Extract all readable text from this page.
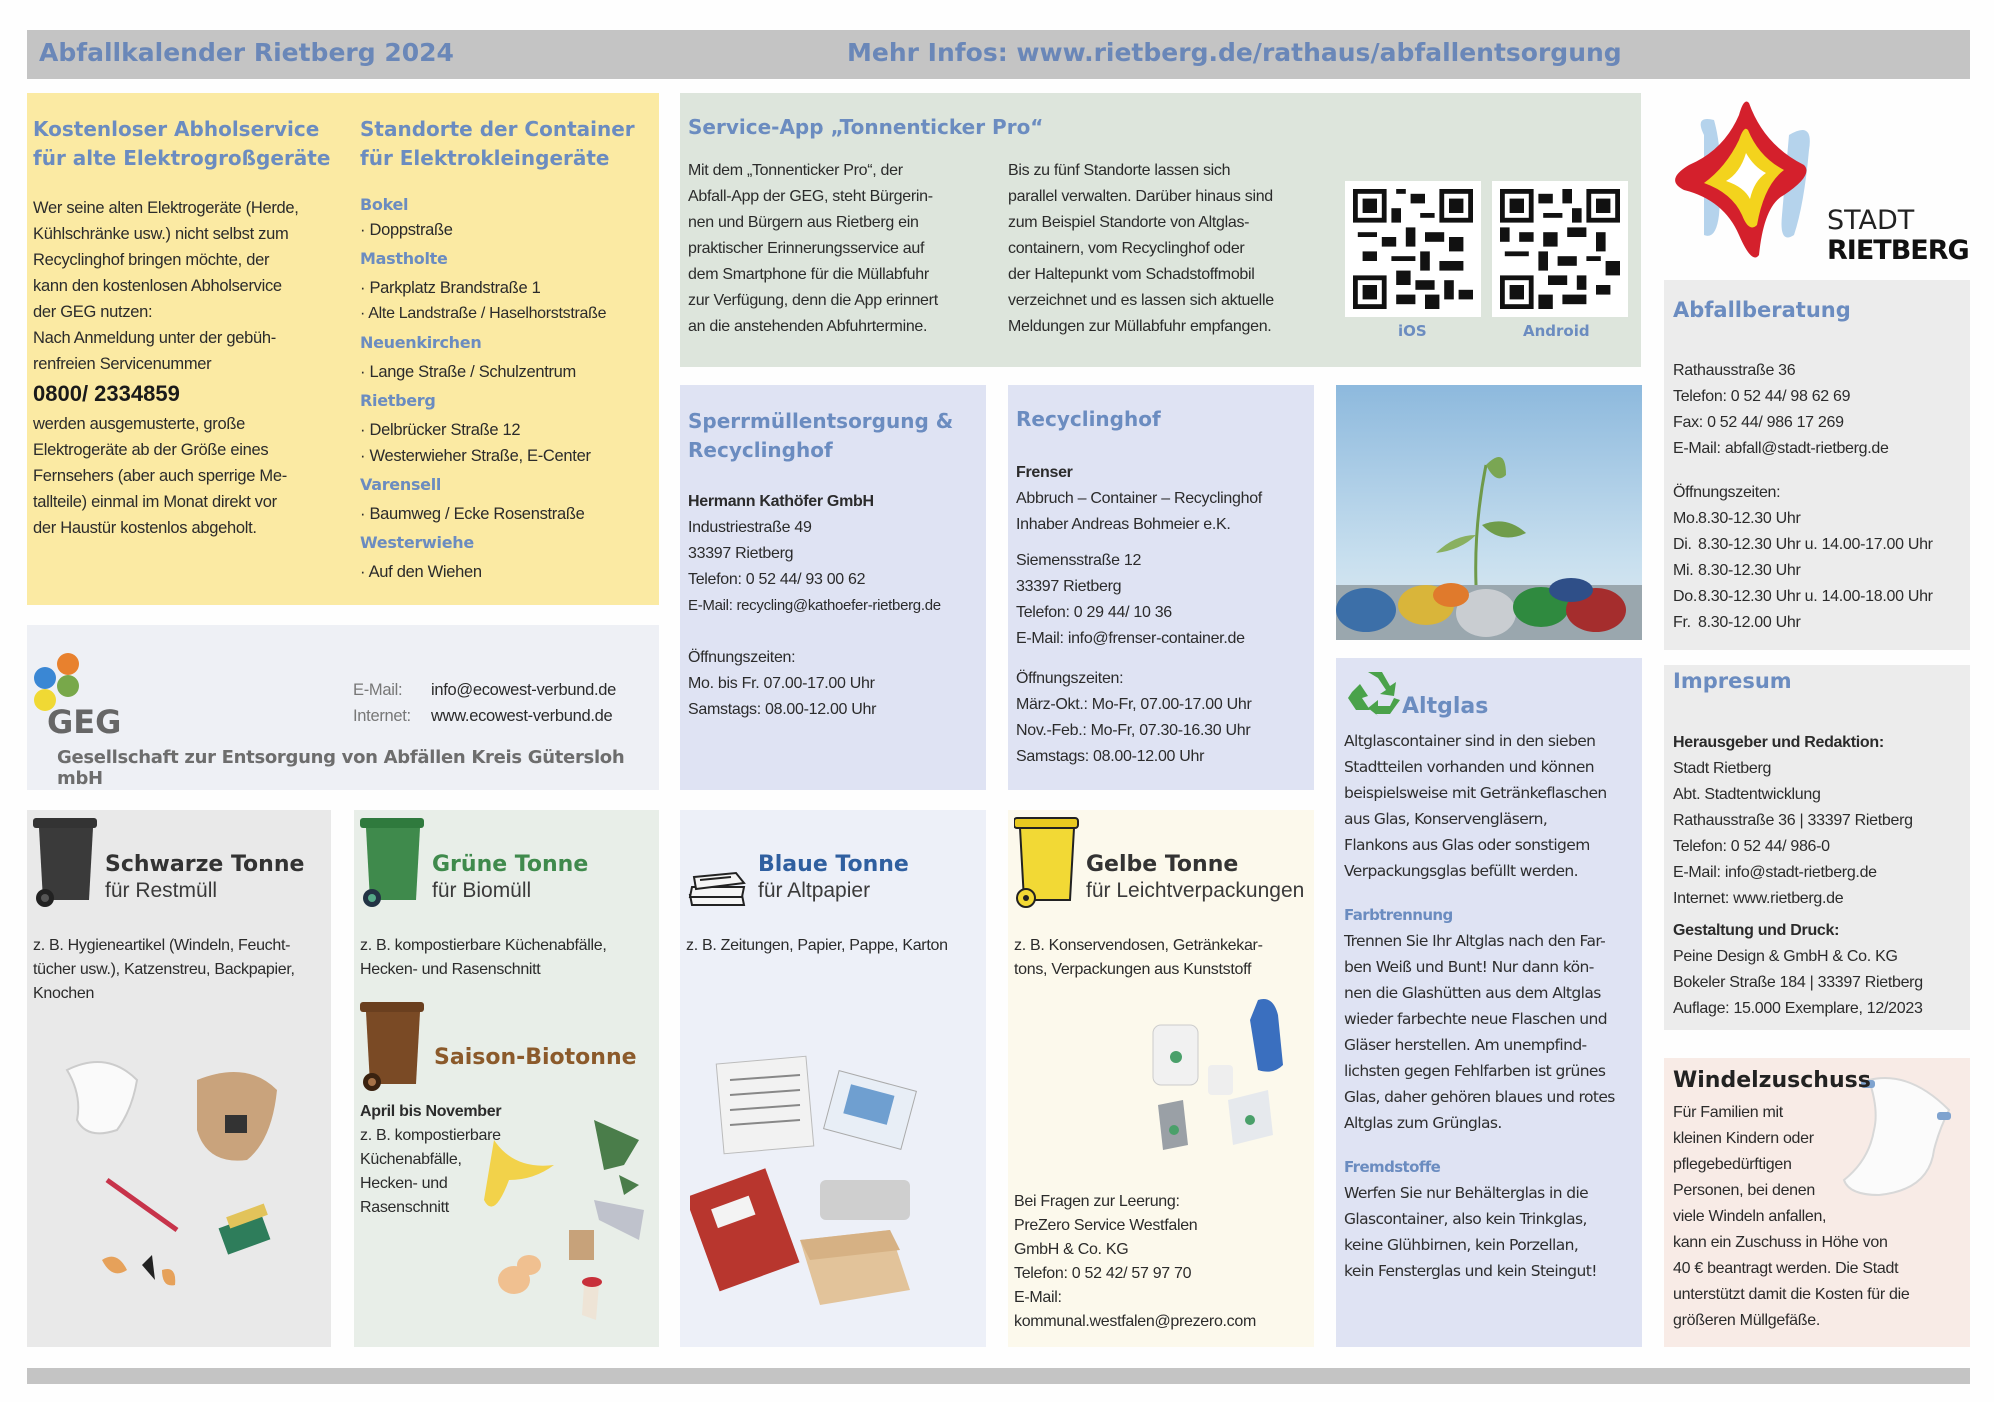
Abfallkalender Rietberg 2024	Mehr Infos: www.rietberg.de/rathaus/abfallentsorgung
Kostenloser Abholservice
für alte Elektrogroßgeräte
Wer seine alten Elektrogeräte (Herde,
Kühlschränke usw.) nicht selbst zum
Recyclinghof bringen möchte, der
kann den kostenlosen Abholservice
der GEG nutzen:
Nach Anmeldung unter der gebüh-
renfreien Servicenummer
0800/ 2334859
werden ausgemusterte, große
Elektrogeräte ab der Größe eines
Fernsehers (aber auch sperrige Me-
tallteile) einmal im Monat direkt vor
der Haustür kostenlos abgeholt.
Standorte der Container
für Elektrokleingeräte
Bokel
· Doppstraße
Mastholte
· Parkplatz Brandstraße 1
· Alte Landstraße / Haselhorststraße
Neuenkirchen
· Lange Straße / Schulzentrum
Rietberg
· Delbrücker Straße 12
· Westerwieher Straße, E-Center
Varensell
· Baumweg / Ecke Rosenstraße
Westerwiehe
· Auf den Wiehen
Service-App „Tonnenticker Pro“
Mit dem „Tonnenticker Pro“, der
Abfall-App der GEG, steht Bürgerin-
nen und Bürgern aus Rietberg ein
praktischer Erinnerungsservice auf
dem Smartphone für die Müllabfuhr
zur Verfügung, denn die App erinnert
an die anstehenden Abfuhrtermine.
Bis zu fünf Standorte lassen sich
parallel verwalten. Darüber hinaus sind
zum Beispiel Standorte von Altglas-
containern, vom Recyclinghof oder
der Haltepunkt vom Schadstoffmobil
verzeichnet und es lassen sich aktuelle
Meldungen zur Müllabfuhr empfangen.	iOS	Android
STADT
RIETBERG
Abfallberatung
Rathausstraße 36
Telefon: 0 52 44/ 98 62 69
Fax: 0 52 44/ 986 17 269
E-Mail: abfall@stadt-rietberg.de
Öffnungszeiten:
Mo.8.30-12.30 Uhr
Di. 8.30-12.30 Uhr u. 14.00-17.00 Uhr
Mi. 8.30-12.30 Uhr
Do.8.30-12.30 Uhr u. 14.00-18.00 Uhr
Fr. 8.30-12.00 Uhr
Sperrmüllentsorgung &
Recyclinghof
Hermann Kathöfer GmbH
Industriestraße 49
33397 Rietberg
Telefon: 0 52 44/ 93 00 62
E-Mail: recycling@kathoefer-rietberg.de
Öffnungszeiten:
Mo. bis Fr. 07.00-17.00 Uhr
Samstags: 08.00-12.00 Uhr
Recyclinghof
Frenser
Abbruch – Container – Recyclinghof
Inhaber Andreas Bohmeier e.K.
Siemensstraße 12
33397 Rietberg
Telefon: 0 29 44/ 10 36
E-Mail: info@frenser-container.de
Öffnungszeiten:
März-Okt.: Mo-Fr, 07.00-17.00 Uhr
Nov.-Feb.: Mo-Fr, 07.30-16.30 Uhr
Samstags: 08.00-12.00 Uhr
GEG
E-Mail: info@ecowest-verbund.de
Internet: www.ecowest-verbund.de
Gesellschaft zur Entsorgung von Abfällen Kreis Gütersloh mbH
Altglas
Altglascontainer sind in den sieben
Stadtteilen vorhanden und können
beispielsweise mit Getränkeflaschen
aus Glas, Konservengläsern,
Flankons aus Glas oder sonstigem
Verpackungsglas befüllt werden.
Farbtrennung
Trennen Sie Ihr Altglas nach den Far-
ben Weiß und Bunt! Nur dann kön-
nen die Glashütten aus dem Altglas
wieder farbechte neue Flaschen und
Gläser herstellen. Am unempfind-
lichsten gegen Fehlfarben ist grünes
Glas, daher gehören blaues und rotes
Altglas zum Grünglas.
Fremdstoffe
Werfen Sie nur Behälterglas in die
Glascontainer, also kein Trinkglas,
keine Glühbirnen, kein Porzellan,
kein Fensterglas und kein Steingut!
Impresum
Herausgeber und Redaktion:
Stadt Rietberg
Abt. Stadtentwicklung
Rathausstraße 36 | 33397 Rietberg
Telefon: 0 52 44/ 986-0
E-Mail: info@stadt-rietberg.de
Internet: www.rietberg.de
Gestaltung und Druck:
Peine Design & GmbH & Co. KG
Bokeler Straße 184 | 33397 Rietberg
Auflage: 15.000 Exemplare, 12/2023
Windelzuschuss
Für Familien mit
kleinen Kindern oder
pflegebedürftigen
Personen, bei denen
viele Windeln anfallen,
kann ein Zuschuss in Höhe von
40 € beantragt werden. Die Stadt
unterstützt damit die Kosten für die
größeren Müllgefäße.
Schwarze Tonne
für Restmüll
z. B. Hygieneartikel (Windeln, Feucht-
tücher usw.), Katzenstreu, Backpapier,
Knochen
Grüne Tonne
für Biomüll
z. B. kompostierbare Küchenabfälle,
Hecken- und Rasenschnitt
Saison-Biotonne
April bis November
z. B. kompostierbare
Küchenabfälle,
Hecken- und
Rasenschnitt
Blaue Tonne
für Altpapier
z. B. Zeitungen, Papier, Pappe, Karton
Gelbe Tonne
für Leichtverpackungen
z. B. Konservendosen, Getränkekar-
tons, Verpackungen aus Kunststoff
Bei Fragen zur Leerung:
PreZero Service Westfalen
GmbH & Co. KG
Telefon: 0 52 42/ 57 97 70
E-Mail:
kommunal.westfalen@prezero.com
